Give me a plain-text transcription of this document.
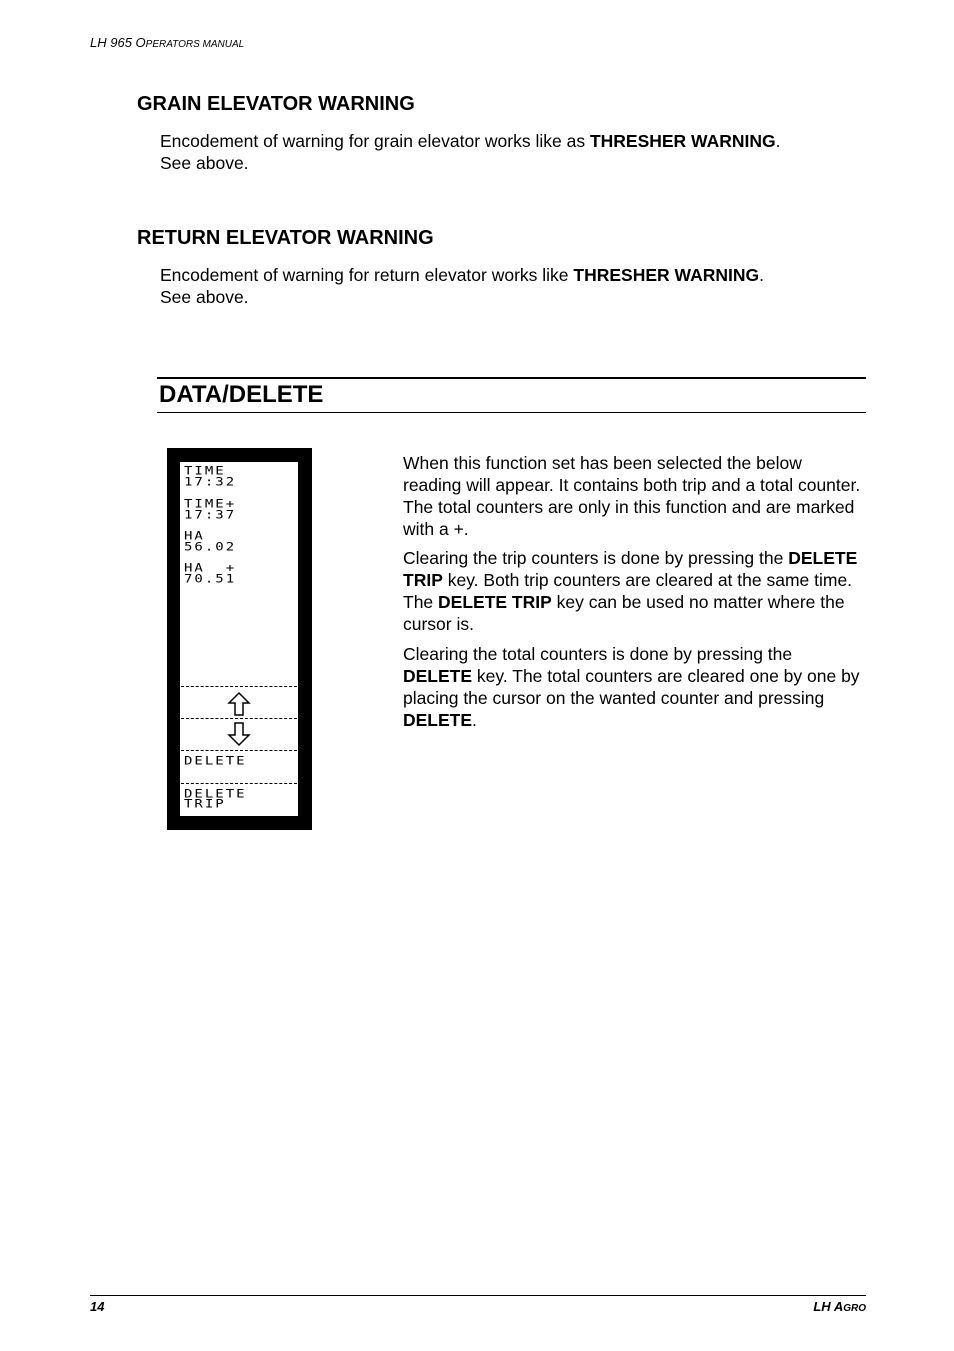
LH 965 OPERATORS MANUAL
GRAIN ELEVATOR WARNING
Encodement of warning for grain elevator works like as THRESHER WARNING.
See above.
RETURN ELEVATOR WARNING
Encodement of warning for return elevator works like THRESHER WARNING.
See above.
DATA/DELETE
TIME
17:32
TIME+
17:37
HA
56.02
HA  +
70.51
DELETE
DELETE
TRIP

When this function set has been selected the below reading will appear. It contains both trip and a total counter. The total counters are only in this function and are marked with a +.

Clearing the trip counters is done by pressing the DELETE TRIP key. Both trip counters are cleared at the same time. The DELETE TRIP key can be used no matter where the cursor is.

Clearing the total counters is done by pressing the DELETE key. The total counters are cleared one by one by placing the cursor on the wanted counter and pressing DELETE.

14	LH AGRO
